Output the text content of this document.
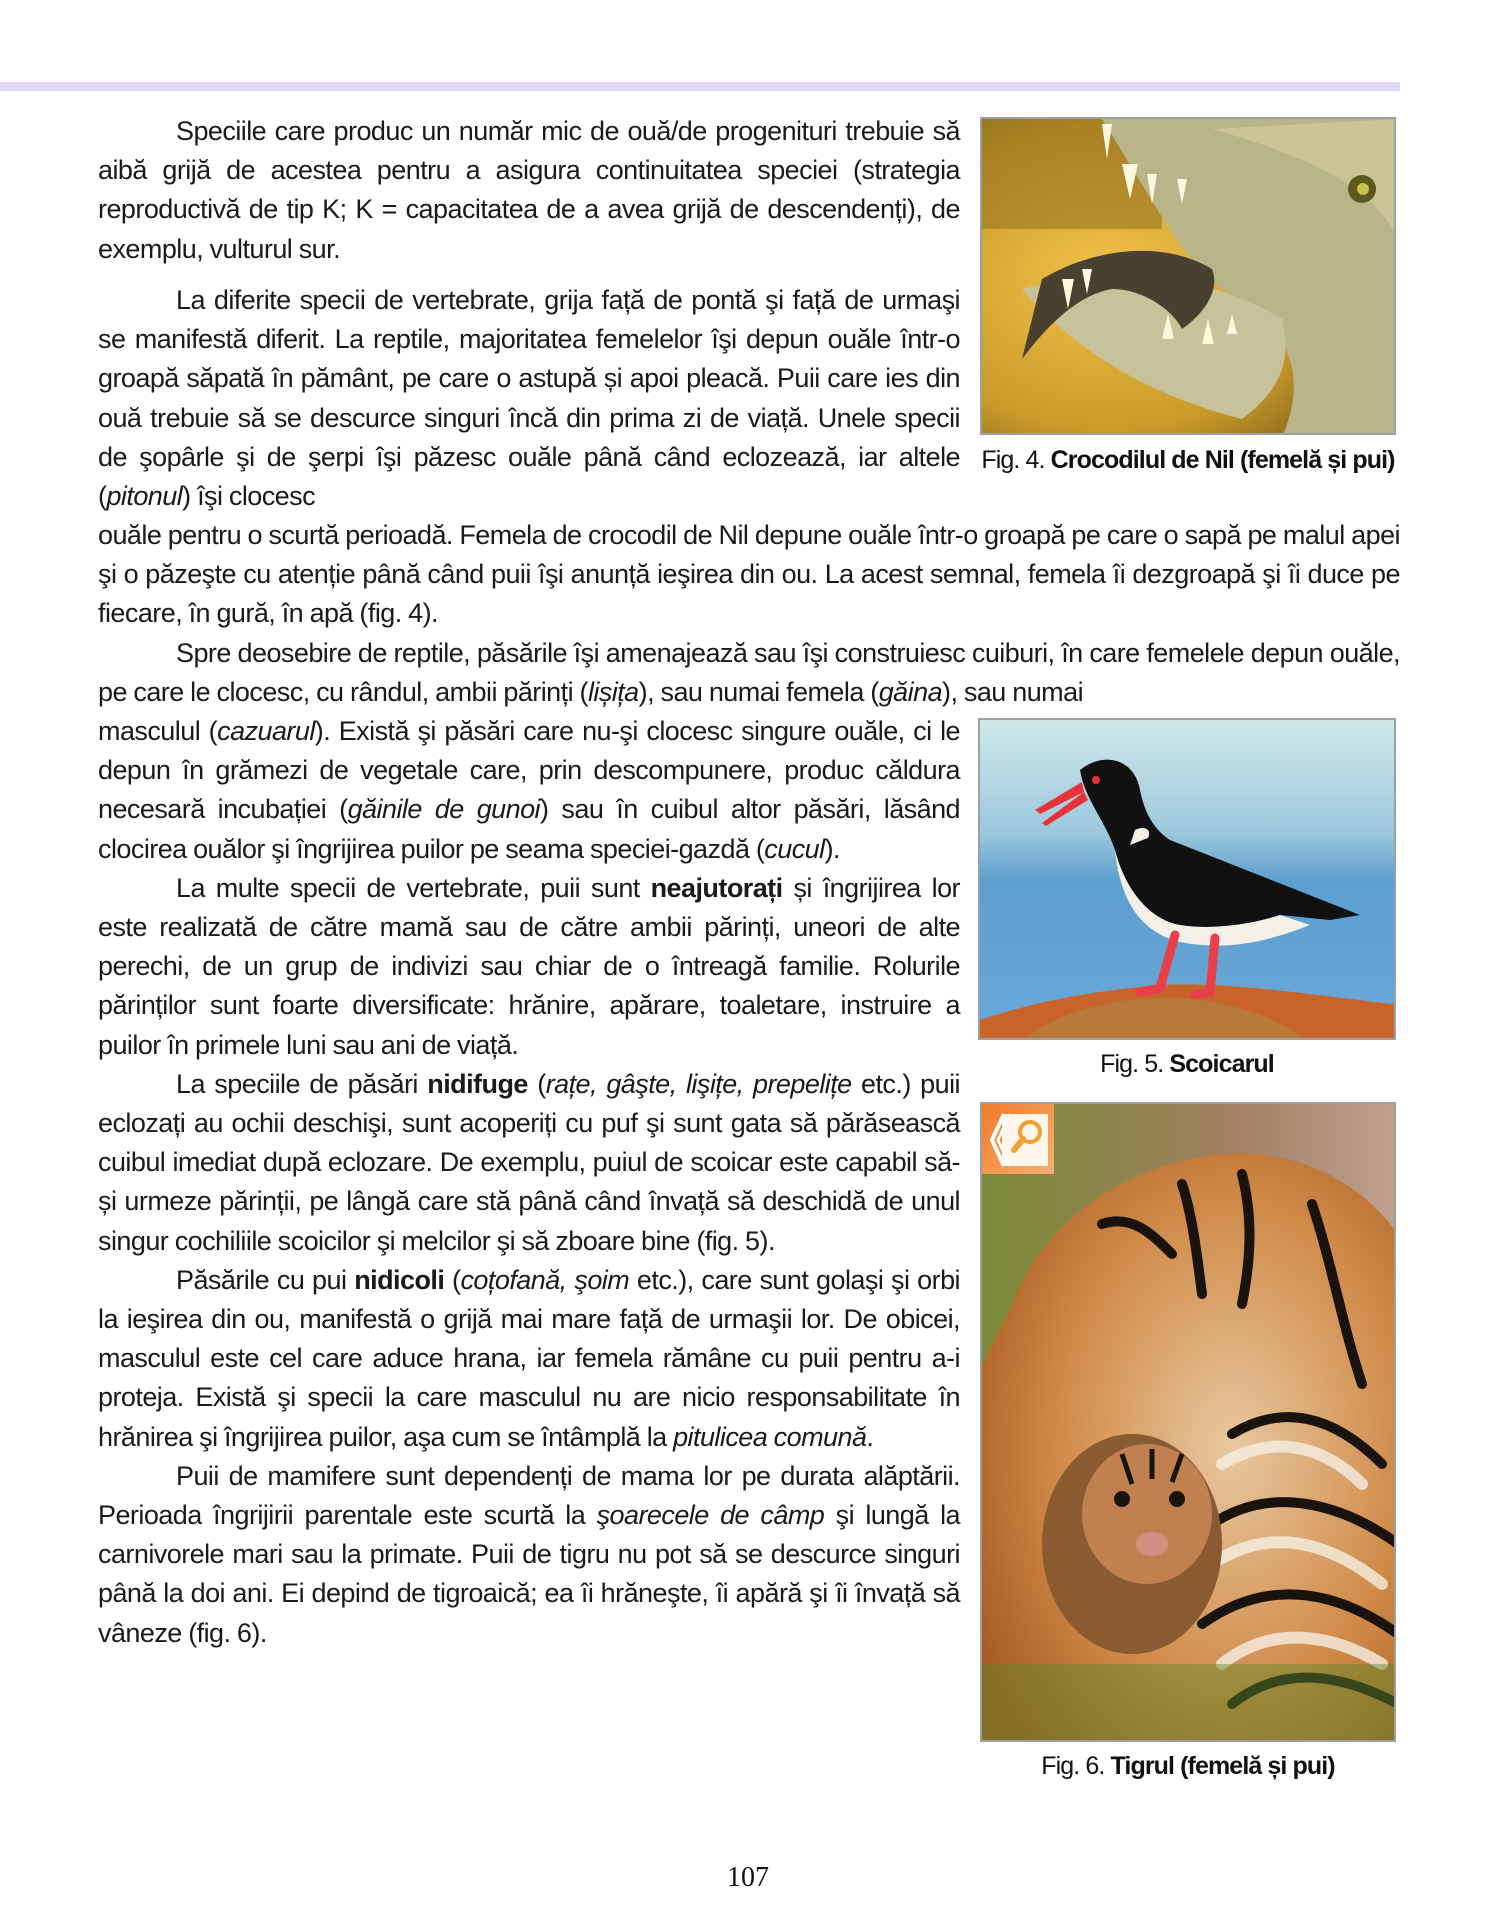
Speciile care produc un număr mic de ouă/de progenituri trebuie să aibă grijă de acestea pentru a asigura continuitatea speciei (strategia reproductivă de tip K; K = capacitatea de a avea grijă de descendenți), de exemplu, vulturul sur.

La diferite specii de vertebrate, grija față de pontă şi față de urmaşi se manifestă diferit. La reptile, majoritatea femelelor îşi depun ouăle într-o groapă săpată în pământ, pe care o astupă și apoi pleacă. Puii care ies din ouă trebuie să se descurce singuri încă din prima zi de viață. Unele specii de şopârle şi de şerpi îşi păzesc ouăle până când eclozează, iar altele (pitonul) îşi clocesc

ouăle pentru o scurtă perioadă. Femela de crocodil de Nil depune ouăle într-o groapă pe care o sapă pe malul apei şi o păzeşte cu atenție până când puii îşi anunță ieşirea din ou. La acest semnal, femela îi dezgroapă şi îi duce pe fiecare, în gură, în apă (fig. 4).

Spre deosebire de reptile, păsările îşi amenajează sau îşi construiesc cuiburi, în care femelele depun ouăle, pe care le clocesc, cu rândul, ambii părinți (lișița), sau numai femela (găina), sau numai

masculul (cazuarul). Există şi păsări care nu-şi clocesc singure ouăle, ci le depun în grămezi de vegetale care, prin descompunere, produc căldura necesară incubației (găinile de gunoi) sau în cuibul altor păsări, lăsând clocirea ouălor şi îngrijirea puilor pe seama speciei-gazdă (cucul).

La multe specii de vertebrate, puii sunt neajutorați și îngrijirea lor este realizată de către mamă sau de către ambii părinți, uneori de alte perechi, de un grup de indivizi sau chiar de o întreagă familie. Rolurile părinților sunt foarte diversificate: hrănire, apărare, toaletare, instruire a puilor în primele luni sau ani de viață.

La speciile de păsări nidifuge (rațe, gâşte, lişițe, prepelițe etc.) puii eclozați au ochii deschişi, sunt acoperiți cu puf şi sunt gata să părăsească cuibul imediat după eclozare. De exemplu, puiul de scoicar este capabil să-și urmeze părinții, pe lângă care stă până când învață să deschidă de unul singur cochiliile scoicilor şi melcilor şi să zboare bine (fig. 5).

Păsările cu pui nidicoli (coțofană, şoim etc.), care sunt golaşi şi orbi la ieşirea din ou, manifestă o grijă mai mare față de urmaşii lor. De obicei, masculul este cel care aduce hrana, iar femela rămâne cu puii pentru a-i proteja. Există şi specii la care masculul nu are nicio responsabilitate în hrănirea şi îngrijirea puilor, aşa cum se întâmplă la pitulicea comună.

Puii de mamifere sunt dependenți de mama lor pe durata alăptării. Perioada îngrijirii parentale este scurtă la şoarecele de câmp şi lungă la carnivorele mari sau la primate. Puii de tigru nu pot să se descurce singuri până la doi ani. Ei depind de tigroaică; ea îi hrăneşte, îi apără şi îi învață să vâneze (fig. 6).

Fig. 4. Crocodilul de Nil (femelă și pui)
Fig. 5. Scoicarul
Fig. 6. Tigrul (femelă și pui)
107
